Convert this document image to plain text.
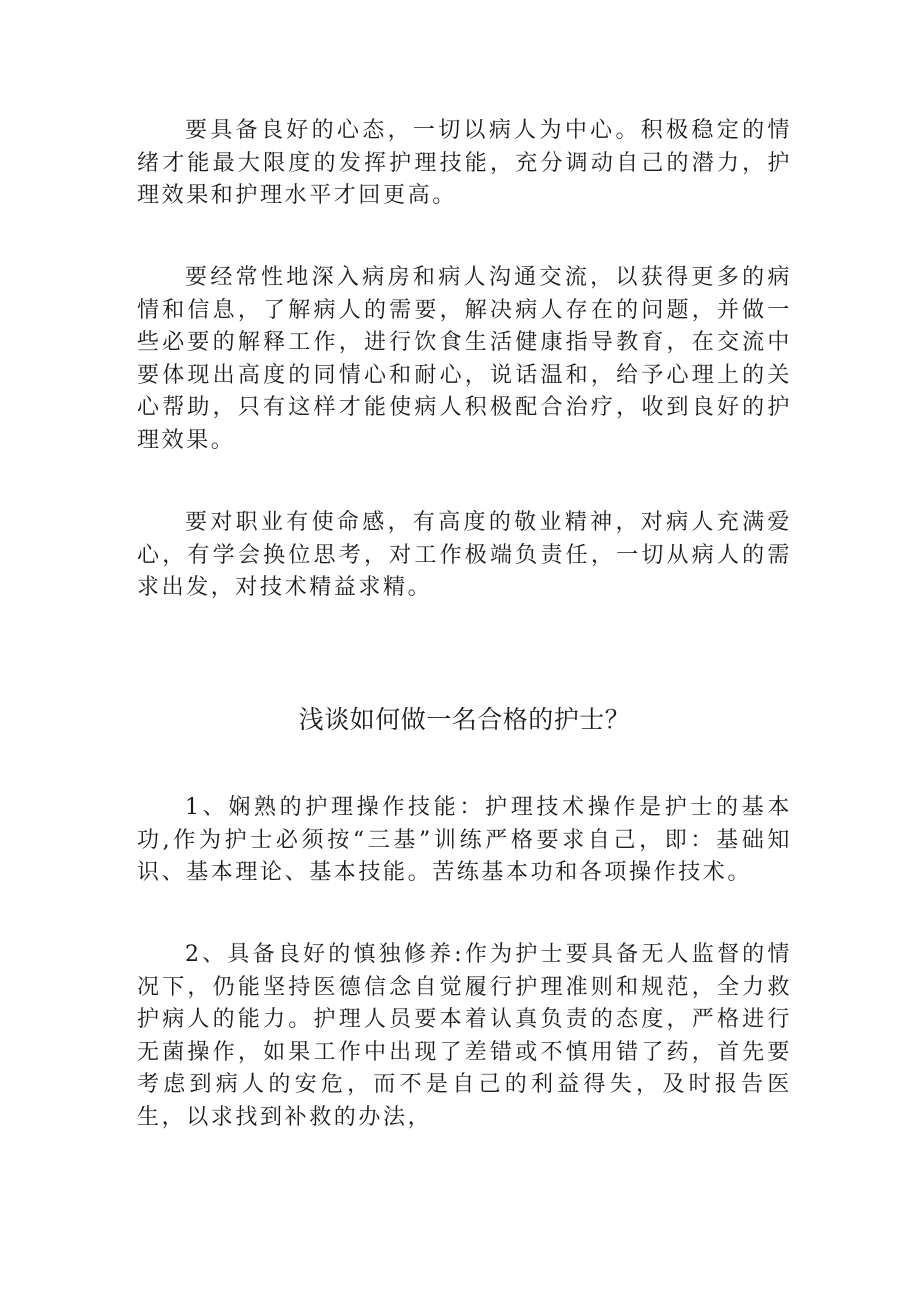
要具备良好的心态，一切以病人为中心。积极稳定的情绪才能最大限度的发挥护理技能，充分调动自己的潜力，护理效果和护理水平才回更高。

要经常性地深入病房和病人沟通交流，以获得更多的病情和信息，了解病人的需要，解决病人存在的问题，并做一些必要的解释工作，进行饮食生活健康指导教育，在交流中要体现出高度的同情心和耐心，说话温和，给予心理上的关心帮助，只有这样才能使病人积极配合治疗，收到良好的护理效果。

要对职业有使命感，有高度的敬业精神，对病人充满爱心，有学会换位思考，对工作极端负责任，一切从病人的需求出发，对技术精益求精。

浅谈如何做一名合格的护士？

1、娴熟的护理操作技能：护理技术操作是护士的基本功,作为护士必须按“三基”训练严格要求自己，即：基础知识、基本理论、基本技能。苦练基本功和各项操作技术。

2、具备良好的慎独修养:作为护士要具备无人监督的情况下，仍能坚持医德信念自觉履行护理准则和规范，全力救护病人的能力。护理人员要本着认真负责的态度，严格进行无菌操作，如果工作中出现了差错或不慎用错了药，首先要考虑到病人的安危，而不是自己的利益得失，及时报告医生，以求找到补救的办法，
